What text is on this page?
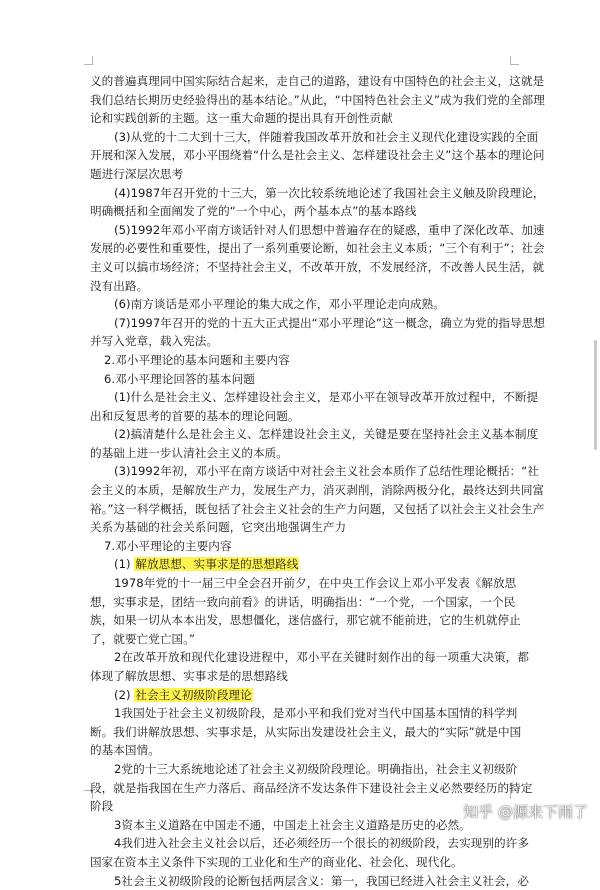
义的普遍真理同中国实际结合起来，走自己的道路，建设有中国特色的社会主义，这就是
我们总结长期历史经验得出的基本结论。”从此，“中国特色社会主义”成为我们党的全部理
论和实践创新的主题。这一重大命题的提出具有开创性贡献
(3)从党的十二大到十三大，伴随着我国改革开放和社会主义现代化建设实践的全面
开展和深入发展，邓小平围绕着“什么是社会主义、怎样建设社会主义”这个基本的理论问
题进行深层次思考
(4)1987年召开党的十三大，第一次比较系统地论述了我国社会主义触及阶段理论，
明确概括和全面阐发了党的“一个中心，两个基本点”的基本路线
(5)1992年邓小平南方谈话针对人们思想中普遍存在的疑惑，重申了深化改革、加速
发展的必要性和重要性，提出了一系列重要论断，如社会主义本质；“三个有利于”；社会
主义可以搞市场经济；不坚持社会主义，不改革开放，不发展经济，不改善人民生活，就
没有出路。
(6)南方谈话是邓小平理论的集大成之作，邓小平理论走向成熟。
(7)1997年召开的党的十五大正式提出“邓小平理论”这一概念，确立为党的指导思想
并写入党章，载入宪法。
2.邓小平理论的基本问题和主要内容
6.邓小平理论回答的基本问题
(1)什么是社会主义、怎样建设社会主义，是邓小平在领导改革开放过程中，不断提
出和反复思考的首要的基本的理论问题。
(2)搞清楚什么是社会主义、怎样建设社会主义，关键是要在坚持社会主义基本制度
的基础上进一步认清社会主义的本质。
(3)1992年初，邓小平在南方谈话中对社会主义社会本质作了总结性理论概括：“社
会主义的本质，是解放生产力，发展生产力，消灭剥削，消除两极分化，最终达到共同富
裕。”这一科学概括，既包括了社会主义社会的生产力问题，又包括了以社会主义社会生产
关系为基础的社会关系问题，它突出地强调生产力
7.邓小平理论的主要内容
(1) 解放思想、实事求是的思想路线
1978年党的十一届三中全会召开前夕，在中央工作会议上邓小平发表《解放思
想，实事求是，团结一致向前看》的讲话，明确指出：“一个党，一个国家，一个民
族，如果一切从本本出发，思想僵化，迷信盛行，那它就不能前进，它的生机就停止
了，就要亡党亡国。”
2在改革开放和现代化建设进程中，邓小平在关键时刻作出的每一项重大决策，都
体现了解放思想、实事求是的思想路线
(2) 社会主义初级阶段理论
1我国处于社会主义初级阶段，是邓小平和我们党对当代中国基本国情的科学判
断。我们讲解放思想、实事求是，从实际出发建设社会主义，最大的“实际”就是中国
的基本国情。
2党的十三大系统地论述了社会主义初级阶段理论。明确指出，社会主义初级阶
段，就是指我国在生产力落后、商品经济不发达条件下建设社会主义必然要经历的特定
阶段
3资本主义道路在中国走不通，中国走上社会主义道路是历史的必然。
4我们进入社会主义社会以后，还必须经历一个很长的初级阶段，去实现别的许多
国家在资本主义条件下实现的工业化和生产的商业化、社会化、现代化。
5社会主义初级阶段的论断包括两层含义：第一，我国已经进入社会主义社会，必
知乎 @源来下雨了
